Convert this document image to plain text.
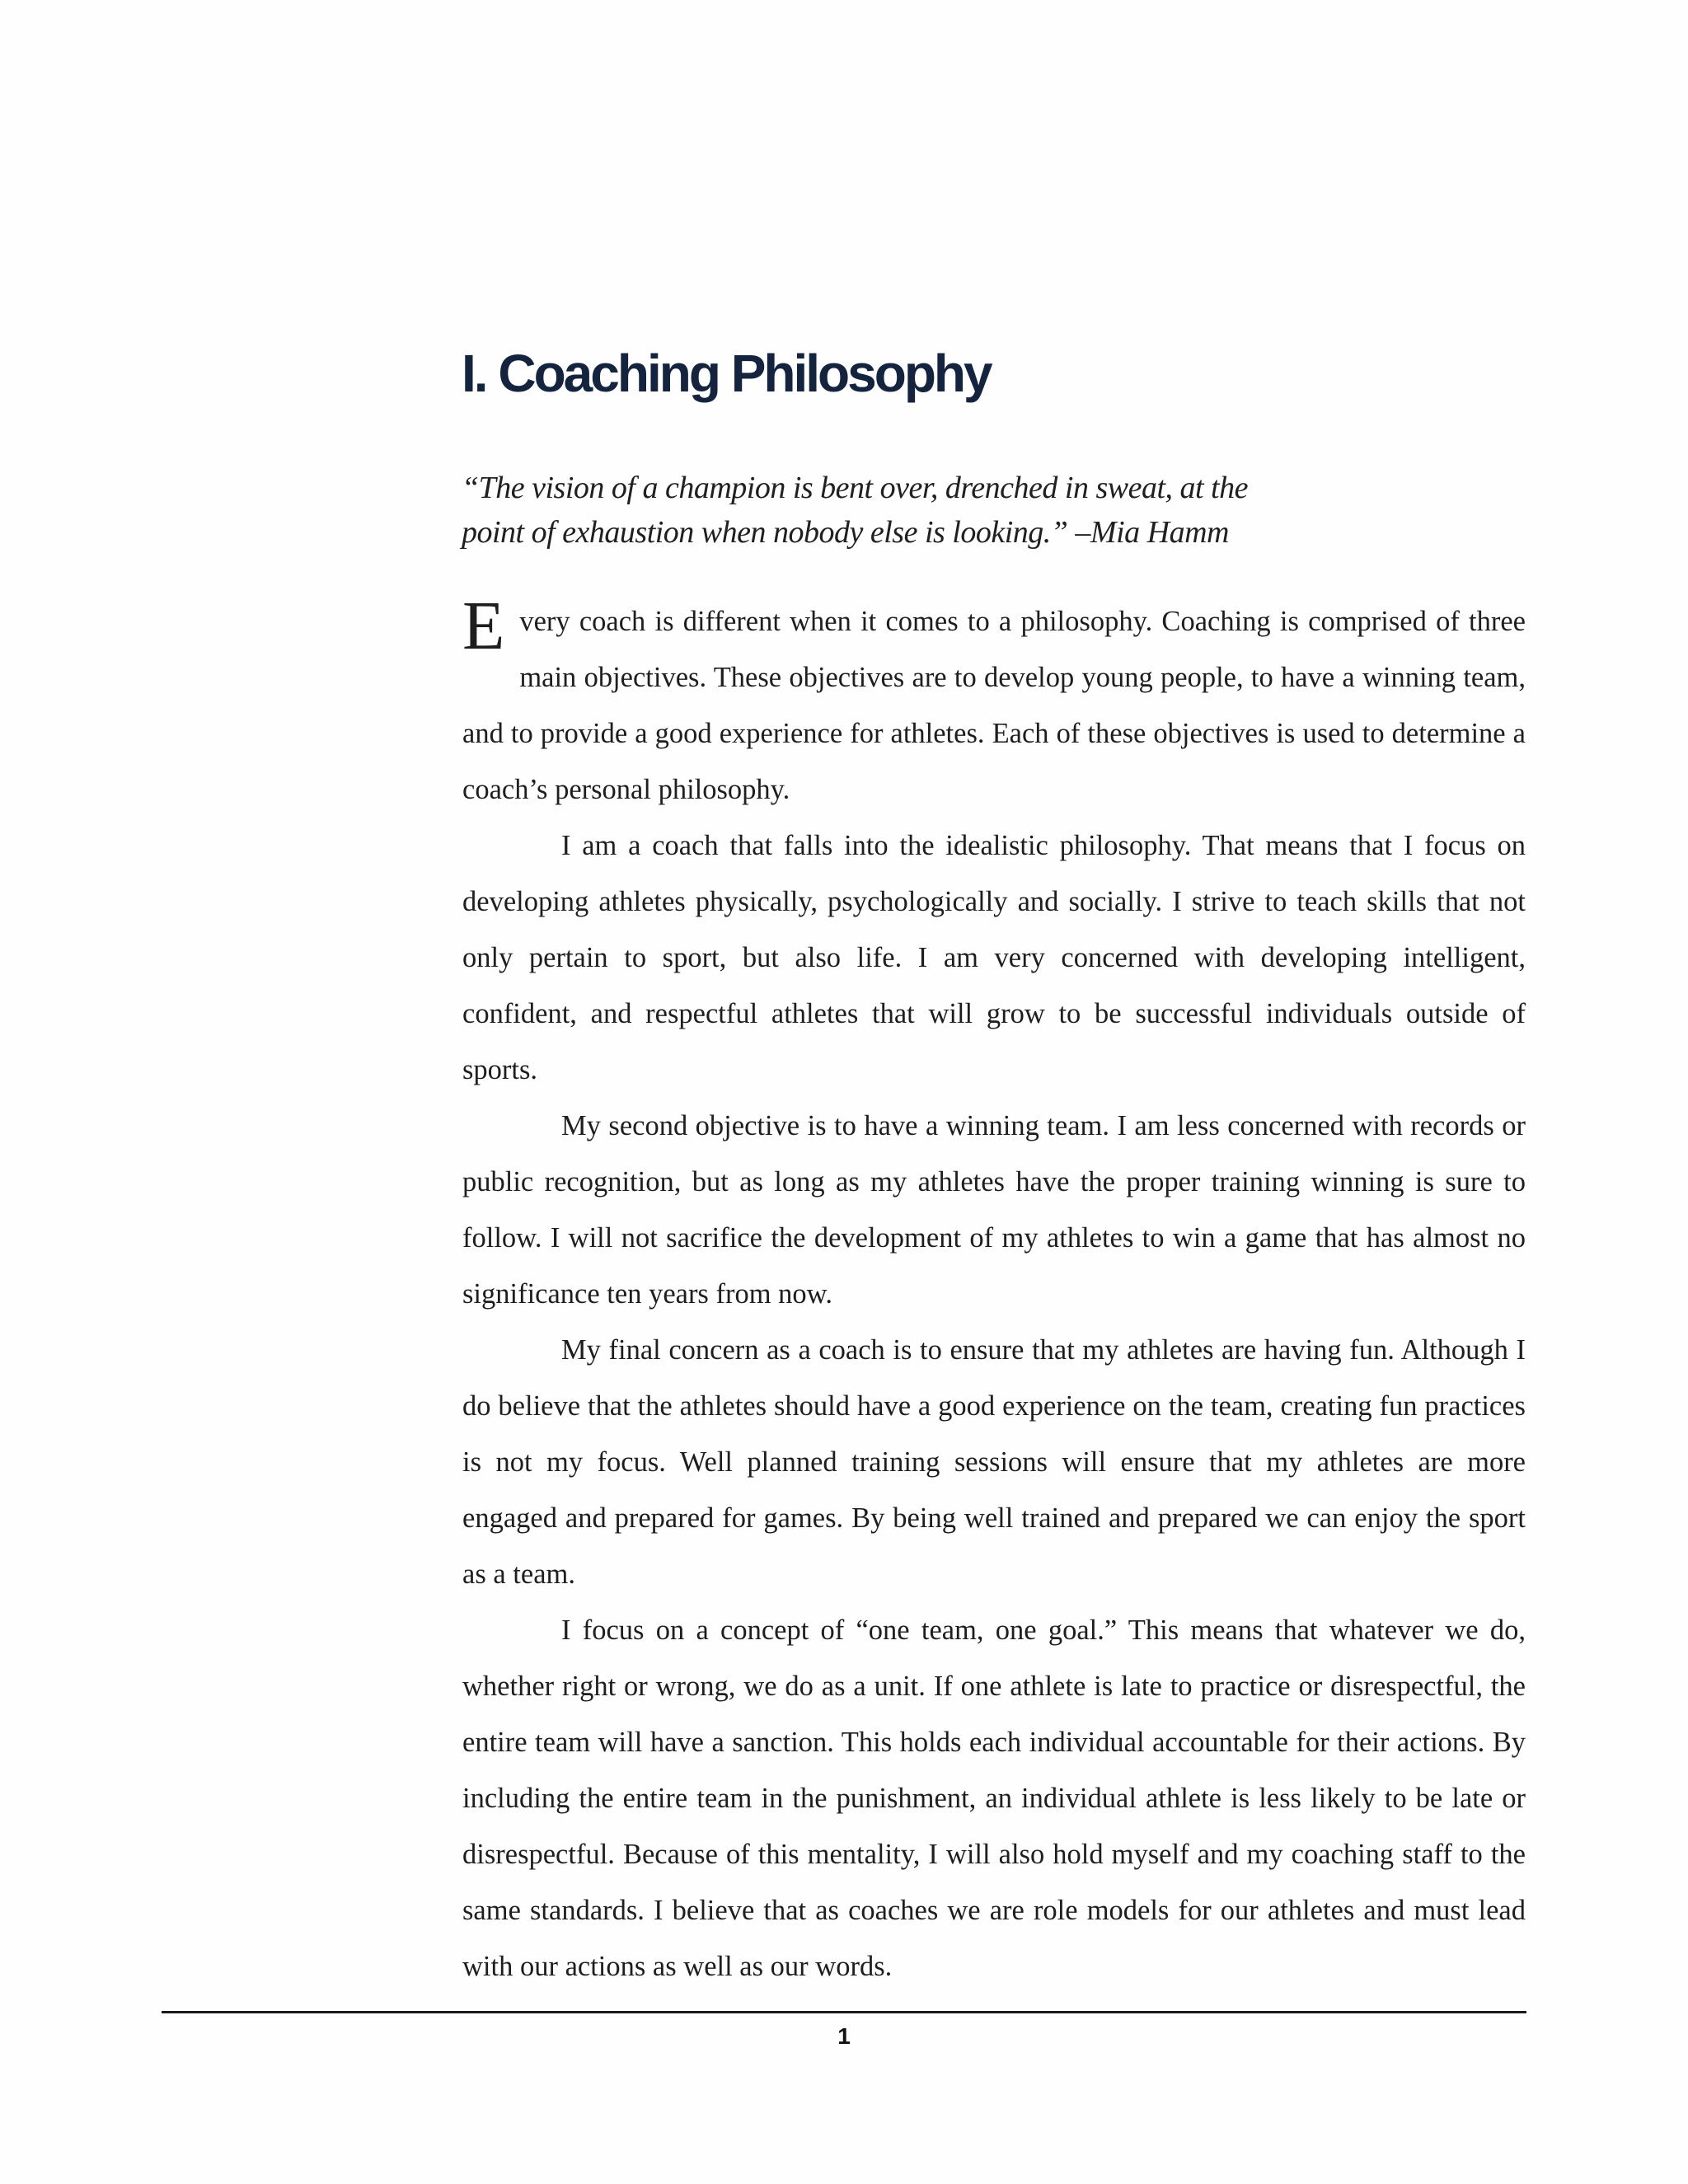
I. Coaching Philosophy
“The vision of a champion is bent over, drenched in sweat, at the
point of exhaustion when nobody else is looking.” –Mia Hamm

Every coach is different when it comes to a philosophy. Coaching is comprised of three main objectives. These objectives are to develop young people, to have a winning team, and to provide a good experience for athletes. Each of these objectives is used to determine a coach’s personal philosophy.

I am a coach that falls into the idealistic philosophy. That means that I focus on developing athletes physically, psychologically and socially. I strive to teach skills that not only pertain to sport, but also life. I am very concerned with developing intelligent, confident, and respectful athletes that will grow to be successful individuals outside of sports.

My second objective is to have a winning team. I am less concerned with records or public recognition, but as long as my athletes have the proper training winning is sure to follow. I will not sacrifice the development of my athletes to win a game that has almost no significance ten years from now.

My final concern as a coach is to ensure that my athletes are having fun. Although I do believe that the athletes should have a good experience on the team, creating fun practices is not my focus. Well planned training sessions will ensure that my athletes are more engaged and prepared for games. By being well trained and prepared we can enjoy the sport as a team.

I focus on a concept of “one team, one goal.” This means that whatever we do, whether right or wrong, we do as a unit. If one athlete is late to practice or disrespectful, the entire team will have a sanction. This holds each individual accountable for their actions. By including the entire team in the punishment, an individual athlete is less likely to be late or disrespectful. Because of this mentality, I will also hold myself and my coaching staff to the same standards. I believe that as coaches we are role models for our athletes and must lead with our actions as well as our words.

1
